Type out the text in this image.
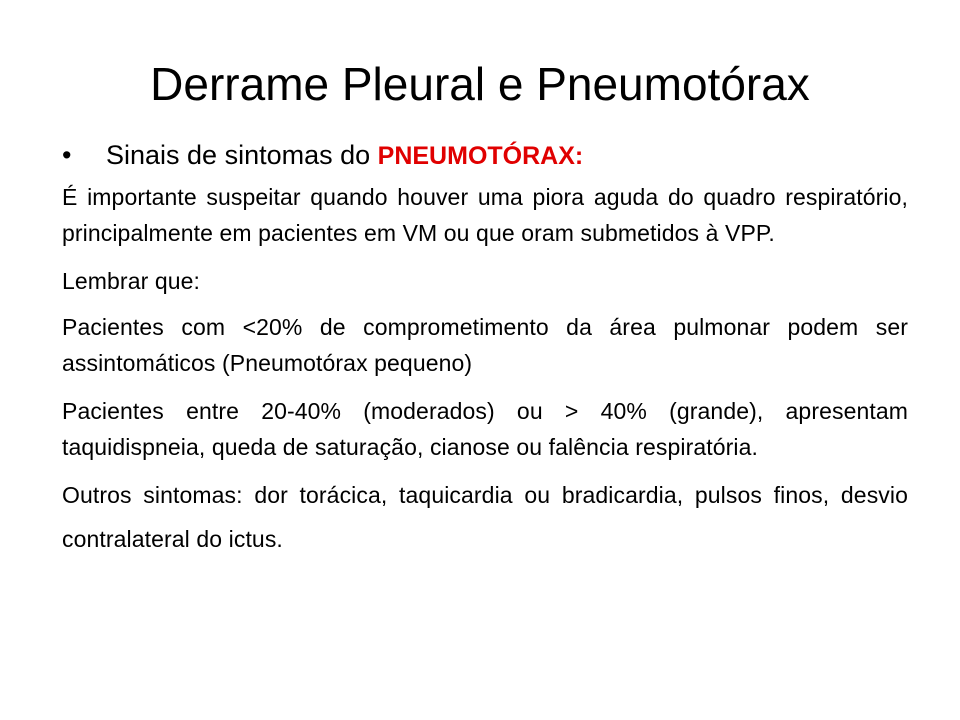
Derrame Pleural e Pneumotórax
• Sinais de sintomas do PNEUMOTÓRAX:

É importante suspeitar quando houver uma piora aguda do quadro respiratório, principalmente em pacientes em VM ou que oram submetidos à VPP.

Lembrar que:

Pacientes com <20% de comprometimento da área pulmonar podem ser assintomáticos (Pneumotórax pequeno)

Pacientes entre 20-40% (moderados) ou > 40% (grande), apresentam taquidispneia, queda de saturação, cianose ou falência respiratória.

Outros sintomas: dor torácica, taquicardia ou bradicardia, pulsos finos, desvio contralateral do ictus.
